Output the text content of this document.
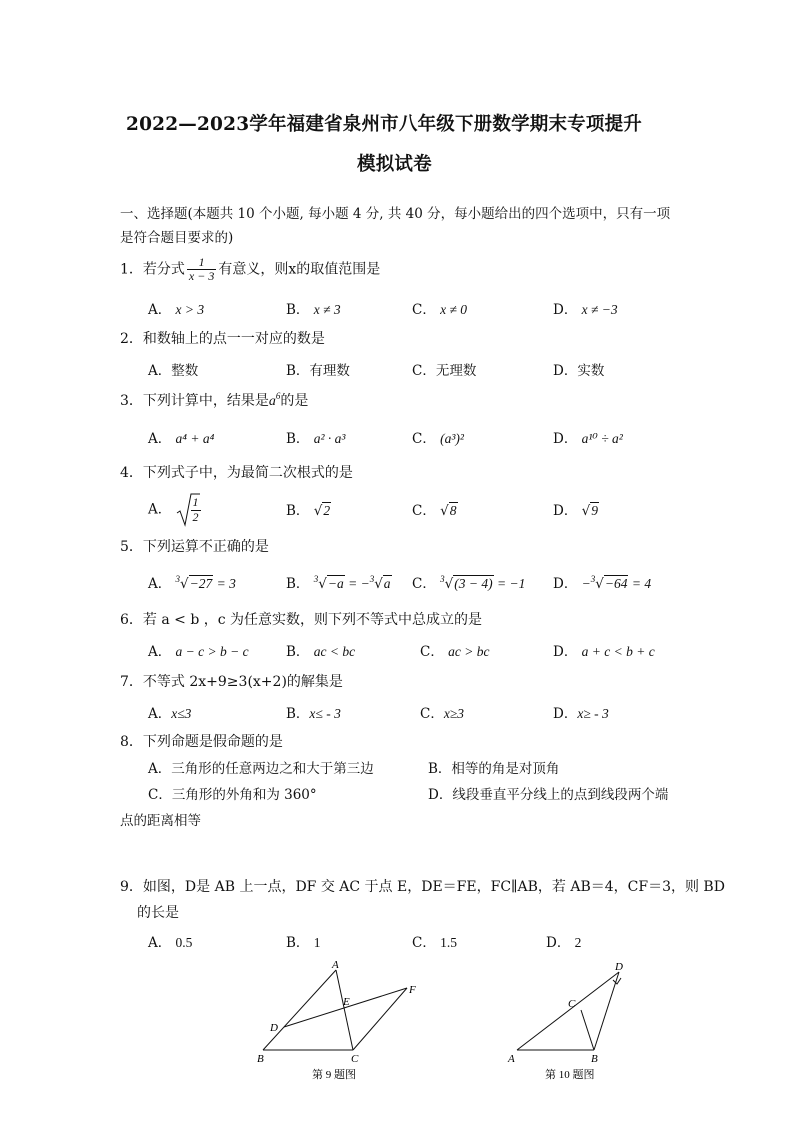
2022—2023学年福建省泉州市八年级下册数学期末专项提升
模拟试卷
一、选择题(本题共 10 个小题, 每小题 4 分, 共 40 分，每小题给出的四个选项中，只有一项
是符合题目要求的)
1．若分式 $\frac{1}{x - 3}$ 有意义，则x的取值范围是
A． x > 3	B． x ≠ 3	C． x ≠ 0	D． x ≠ −3
2．和数轴上的点一一对应的数是
A．整数	B．有理数	C．无理数	D．实数
3．下列计算中，结果是$a^6$的是
A． a⁴ + a⁴	B． a² · a³	C． (a³)²	D． a¹⁰ ÷ a²
4．下列式子中，为最简二次根式的是
A． $\frac{1}{2}$	B． √2	C． √8	D． √9
5．下列运算不正确的是
A． $^3$√−27 = 3	B． $^3$√−a = −$^3$√a C． $^3$√(3 − 4) = −1 D． −$^3$√−64 = 4
6．若 a < b ，c 为任意实数，则下列不等式中总成立的是
A． a − c > b − c	B． ac < bc	C． ac > bc	D． a + c < b + c
7．不等式 2x+9≥3(x+2)的解集是
A．x≤3	B．x≤ - 3	C．x≥3	D．x≥ - 3
8．下列命题是假命题的是
A．三角形的任意两边之和大于第三边	B．相等的角是对顶角
C．三角形的外角和为 360°	D．线段垂直平分线上的点到线段两个端
点的距离相等
9．如图，D是 AB 上一点，DF 交 AC 于点 E，DE＝FE，FC∥AB，若 AB＝4，CF＝3，则 BD
的长是
A． 0.5	B． 1	C． 1.5	D． 2
A
B	C
D
E
F
第 9 题图
A	B
C
D
第 10 题图
